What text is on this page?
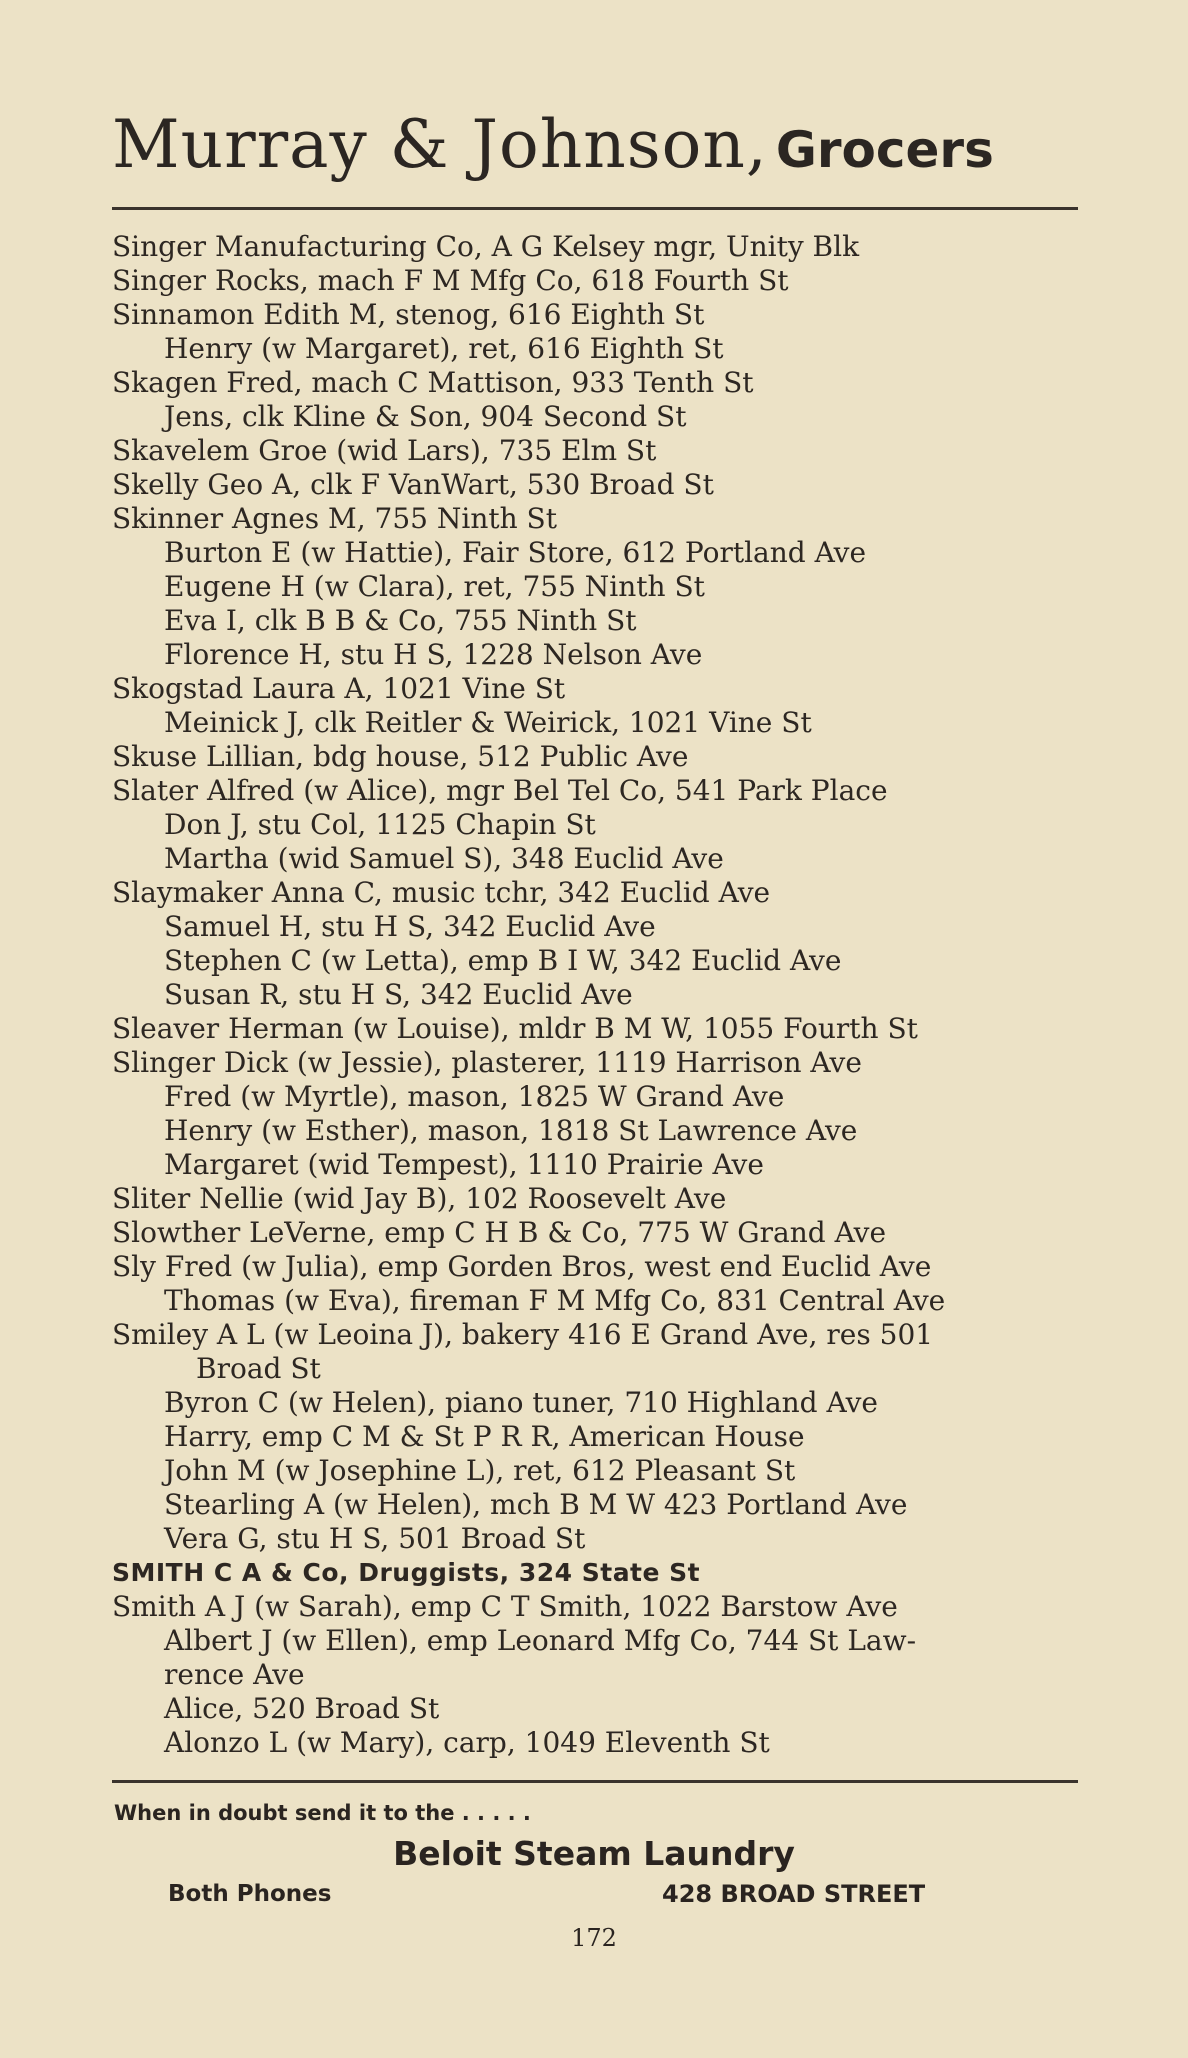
Murray & Johnson, Grocers
Singer Manufacturing Co, A G Kelsey mgr, Unity Blk
Singer Rocks, mach F M Mfg Co, 618 Fourth St
Sinnamon Edith M, stenog, 616 Eighth St
Henry (w Margaret), ret, 616 Eighth St
Skagen Fred, mach C Mattison, 933 Tenth St
Jens, clk Kline & Son, 904 Second St
Skavelem Groe (wid Lars), 735 Elm St
Skelly Geo A, clk F VanWart, 530 Broad St
Skinner Agnes M, 755 Ninth St
Burton E (w Hattie), Fair Store, 612 Portland Ave
Eugene H (w Clara), ret, 755 Ninth St
Eva I, clk B B & Co, 755 Ninth St
Florence H, stu H S, 1228 Nelson Ave
Skogstad Laura A, 1021 Vine St
Meinick J, clk Reitler & Weirick, 1021 Vine St
Skuse Lillian, bdg house, 512 Public Ave
Slater Alfred (w Alice), mgr Bel Tel Co, 541 Park Place
Don J, stu Col, 1125 Chapin St
Martha (wid Samuel S), 348 Euclid Ave
Slaymaker Anna C, music tchr, 342 Euclid Ave
Samuel H, stu H S, 342 Euclid Ave
Stephen C (w Letta), emp B I W, 342 Euclid Ave
Susan R, stu H S, 342 Euclid Ave
Sleaver Herman (w Louise), mldr B M W, 1055 Fourth St
Slinger Dick (w Jessie), plasterer, 1119 Harrison Ave
Fred (w Myrtle), mason, 1825 W Grand Ave
Henry (w Esther), mason, 1818 St Lawrence Ave
Margaret (wid Tempest), 1110 Prairie Ave
Sliter Nellie (wid Jay B), 102 Roosevelt Ave
Slowther LeVerne, emp C H B & Co, 775 W Grand Ave
Sly Fred (w Julia), emp Gorden Bros, west end Euclid Ave
Thomas (w Eva), fireman F M Mfg Co, 831 Central Ave
Smiley A L (w Leoina J), bakery 416 E Grand Ave, res 501
Broad St
Byron C (w Helen), piano tuner, 710 Highland Ave
Harry, emp C M & St P R R, American House
John M (w Josephine L), ret, 612 Pleasant St
Stearling A (w Helen), mch B M W 423 Portland Ave
Vera G, stu H S, 501 Broad St
SMITH C A & Co, Druggists, 324 State St
Smith A J (w Sarah), emp C T Smith, 1022 Barstow Ave
Albert J (w Ellen), emp Leonard Mfg Co, 744 St Law-
rence Ave
Alice, 520 Broad St
Alonzo L (w Mary), carp, 1049 Eleventh St
When in doubt send it to the . . . . .
Beloit Steam Laundry
Both Phones	428 BROAD STREET
172
